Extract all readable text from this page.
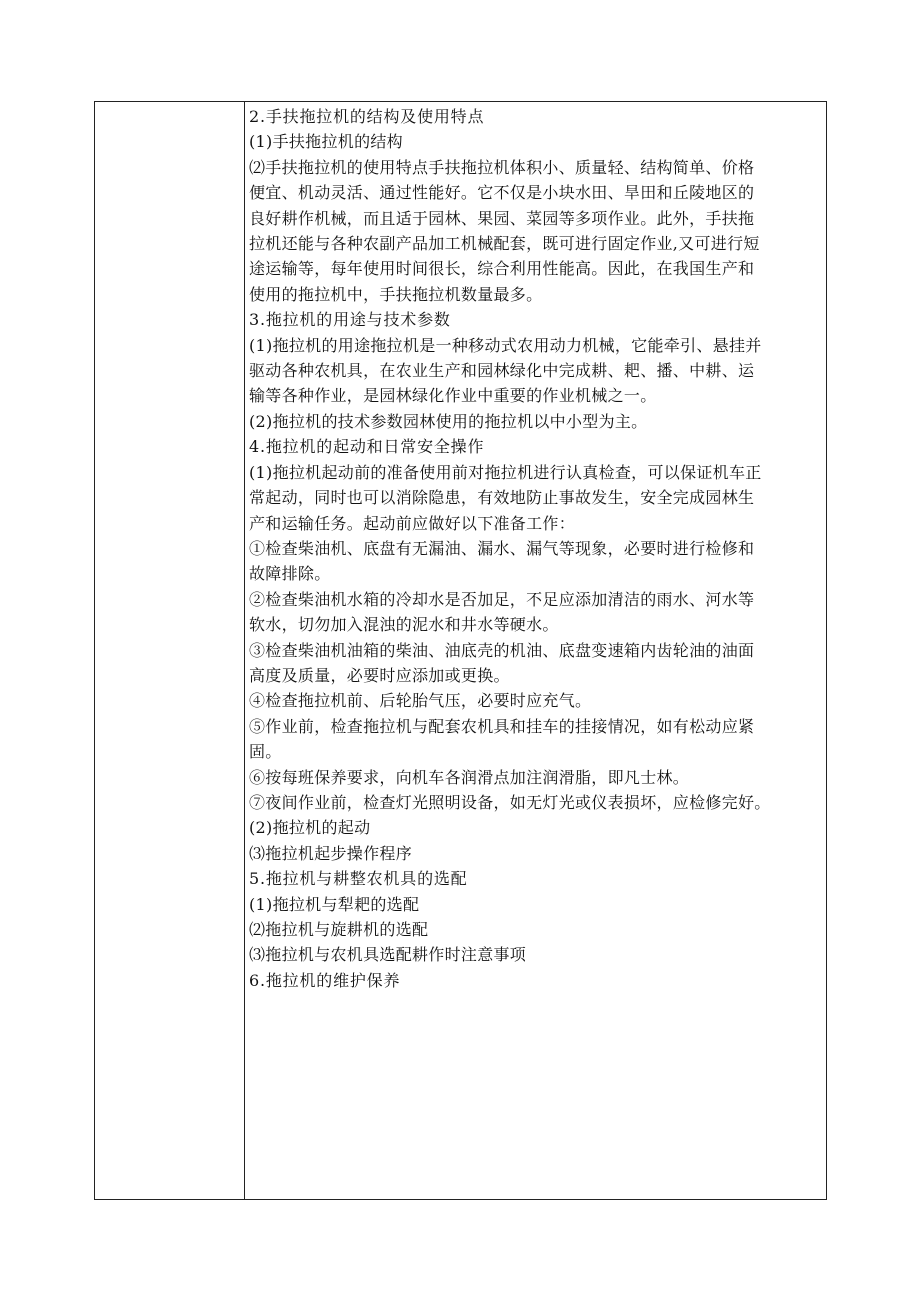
2.手扶拖拉机的结构及使用特点
(1)手扶拖拉机的结构
⑵手扶拖拉机的使用特点手扶拖拉机体积小、质量轻、结构简单、价格
便宜、机动灵活、通过性能好。它不仅是小块水田、旱田和丘陵地区的
良好耕作机械，而且适于园林、果园、菜园等多项作业。此外，手扶拖
拉机还能与各种农副产品加工机械配套，既可进行固定作业,又可进行短
途运输等，每年使用时间很长，综合利用性能高。因此，在我国生产和
使用的拖拉机中，手扶拖拉机数量最多。
3.拖拉机的用途与技术参数
(1)拖拉机的用途拖拉机是一种移动式农用动力机械，它能牵引、悬挂并
驱动各种农机具，在农业生产和园林绿化中完成耕、耙、播、中耕、运
输等各种作业，是园林绿化作业中重要的作业机械之一。
(2)拖拉机的技术参数园林使用的拖拉机以中小型为主。
4.拖拉机的起动和日常安全操作
(1)拖拉机起动前的准备使用前对拖拉机进行认真检查，可以保证机车正
常起动，同时也可以消除隐患，有效地防止事故发生，安全完成园林生
产和运输任务。起动前应做好以下准备工作：
①检查柴油机、底盘有无漏油、漏水、漏气等现象，必要时进行检修和
故障排除。
②检查柴油机水箱的冷却水是否加足，不足应添加清洁的雨水、河水等
软水，切勿加入混浊的泥水和井水等硬水。
③检查柴油机油箱的柴油、油底壳的机油、底盘变速箱内齿轮油的油面
高度及质量，必要时应添加或更换。
④检查拖拉机前、后轮胎气压，必要时应充气。
⑤作业前，检查拖拉机与配套农机具和挂车的挂接情况，如有松动应紧
固。
⑥按每班保养要求，向机车各润滑点加注润滑脂，即凡士林。
⑦夜间作业前，检查灯光照明设备，如无灯光或仪表损坏，应检修完好。
(2)拖拉机的起动
⑶拖拉机起步操作程序
5.拖拉机与耕整农机具的选配
(1)拖拉机与犁耙的选配
⑵拖拉机与旋耕机的选配
⑶拖拉机与农机具选配耕作时注意事项
6.拖拉机的维护保养
